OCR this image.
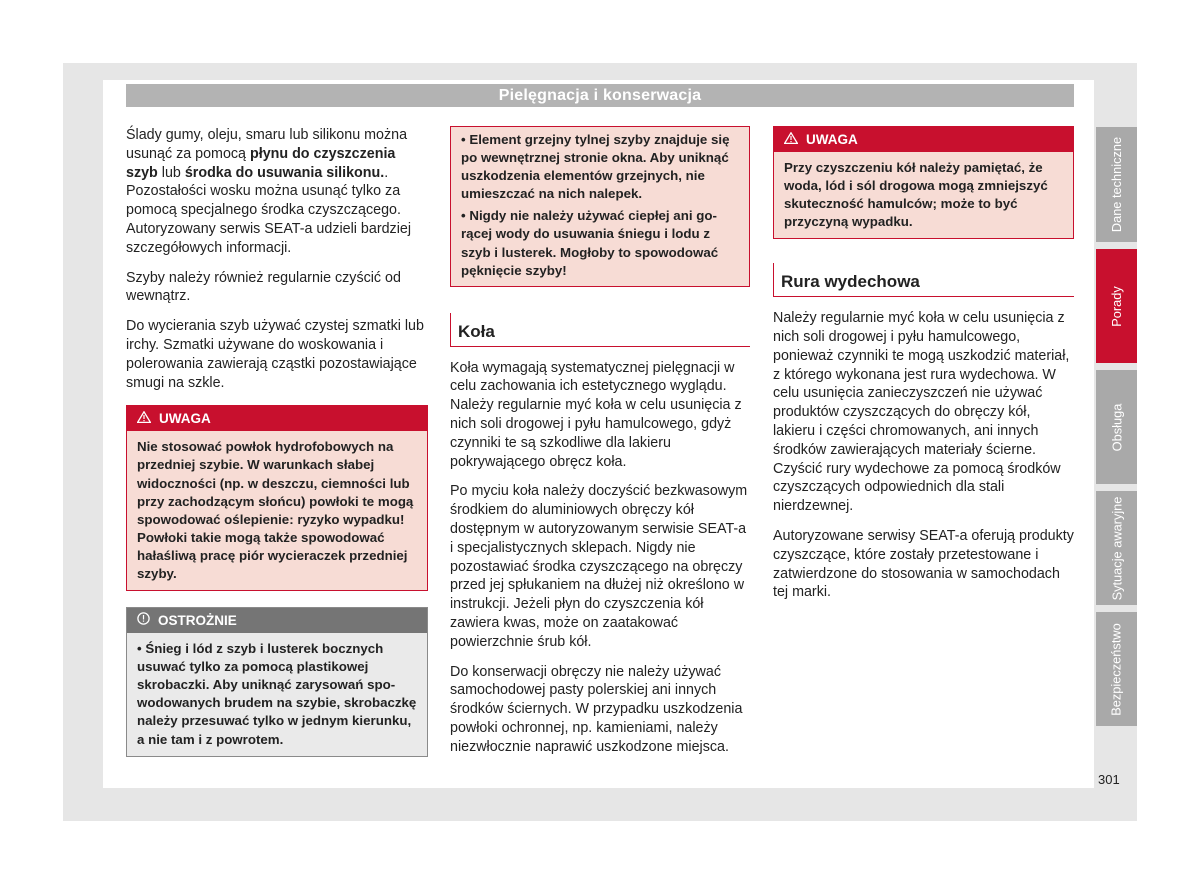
Pielęgnacja i konserwacja

Ślady gumy, oleju, smaru lub silikonu można usunąć za pomocą płynu do czyszczenia szyb lub środka do usuwania silikonu.. Pozostałości wosku można usunąć tylko za pomocą specjalnego środka czyszczącego. Autoryzowany serwis SEAT-a udzieli bardziej szczegółowych informacji.

Szyby należy również regularnie czyścić od wewnątrz.

Do wycierania szyb używać czystej szmatki lub irchy. Szmatki używane do woskowania i polerowania zawierają cząstki pozostawiające smugi na szkle.

UWAGA
Nie stosować powłok hydrofobowych na przedniej szybie. W warunkach słabej widoczności (np. w deszczu, ciemności lub przy zachodzącym słońcu) powłoki te mogą spowodować oślepienie: ryzyko wypadku! Powłoki takie mogą także spowodować hałaśliwą pracę piór wycieraczek przedniej szyby.
OSTROŻNIE
• Śnieg i lód z szyb i lusterek bocznych usuwać tylko za pomocą plastikowej skrobaczki. Aby uniknąć zarysowań spowodowanych brudem na szybie, skrobaczkę należy przesuwać tylko w jednym kierunku, a nie tam i z powrotem.

• Element grzejny tylnej szyby znajduje się po wewnętrznej stronie okna. Aby uniknąć uszkodzenia elementów grzejnych, nie umieszczać na nich nalepek.

• Nigdy nie należy używać ciepłej ani gorącej wody do usuwania śniegu i lodu z szyb i lusterek. Mogłoby to spowodować pęknięcie szyby!

Koła

Koła wymagają systematycznej pielęgnacji w celu zachowania ich estetycznego wyglądu. Należy regularnie myć koła w celu usunięcia z nich soli drogowej i pyłu hamulcowego, gdyż czynniki te są szkodliwe dla lakieru pokrywającego obręcz koła.

Po myciu koła należy doczyścić bezkwasowym środkiem do aluminiowych obręczy kół dostępnym w autoryzowanym serwisie SEAT-a i specjalistycznych sklepach. Nigdy nie pozostawiać środka czyszczącego na obręczy przed jej spłukaniem na dłużej niż określono w instrukcji. Jeżeli płyn do czyszczenia kół zawiera kwas, może on zaatakować powierzchnie śrub kół.

Do konserwacji obręczy nie należy używać samochodowej pasty polerskiej ani innych środków ściernych. W przypadku uszkodzenia powłoki ochronnej, np. kamieniami, należy niezwłocznie naprawić uszkodzone miejsca.

UWAGA
Przy czyszczeniu kół należy pamiętać, że woda, lód i sól drogowa mogą zmniejszyć skuteczność hamulców; może to być przyczyną wypadku.
Rura wydechowa

Należy regularnie myć koła w celu usunięcia z nich soli drogowej i pyłu hamulcowego, ponieważ czynniki te mogą uszkodzić materiał, z którego wykonana jest rura wydechowa. W celu usunięcia zanieczyszczeń nie używać produktów czyszczących do obręczy kół, lakieru i części chromowanych, ani innych środków zawierających materiały ścierne. Czyścić rury wydechowe za pomocą środków czyszczących odpowiednich dla stali nierdzewnej.

Autoryzowane serwisy SEAT-a oferują produkty czyszczące, które zostały przetestowane i zatwierdzone do stosowania w samochodach tej marki.

Dane techniczne
Porady
Obsługa
Sytuacje awaryjne
Bezpieczeństwo
301
